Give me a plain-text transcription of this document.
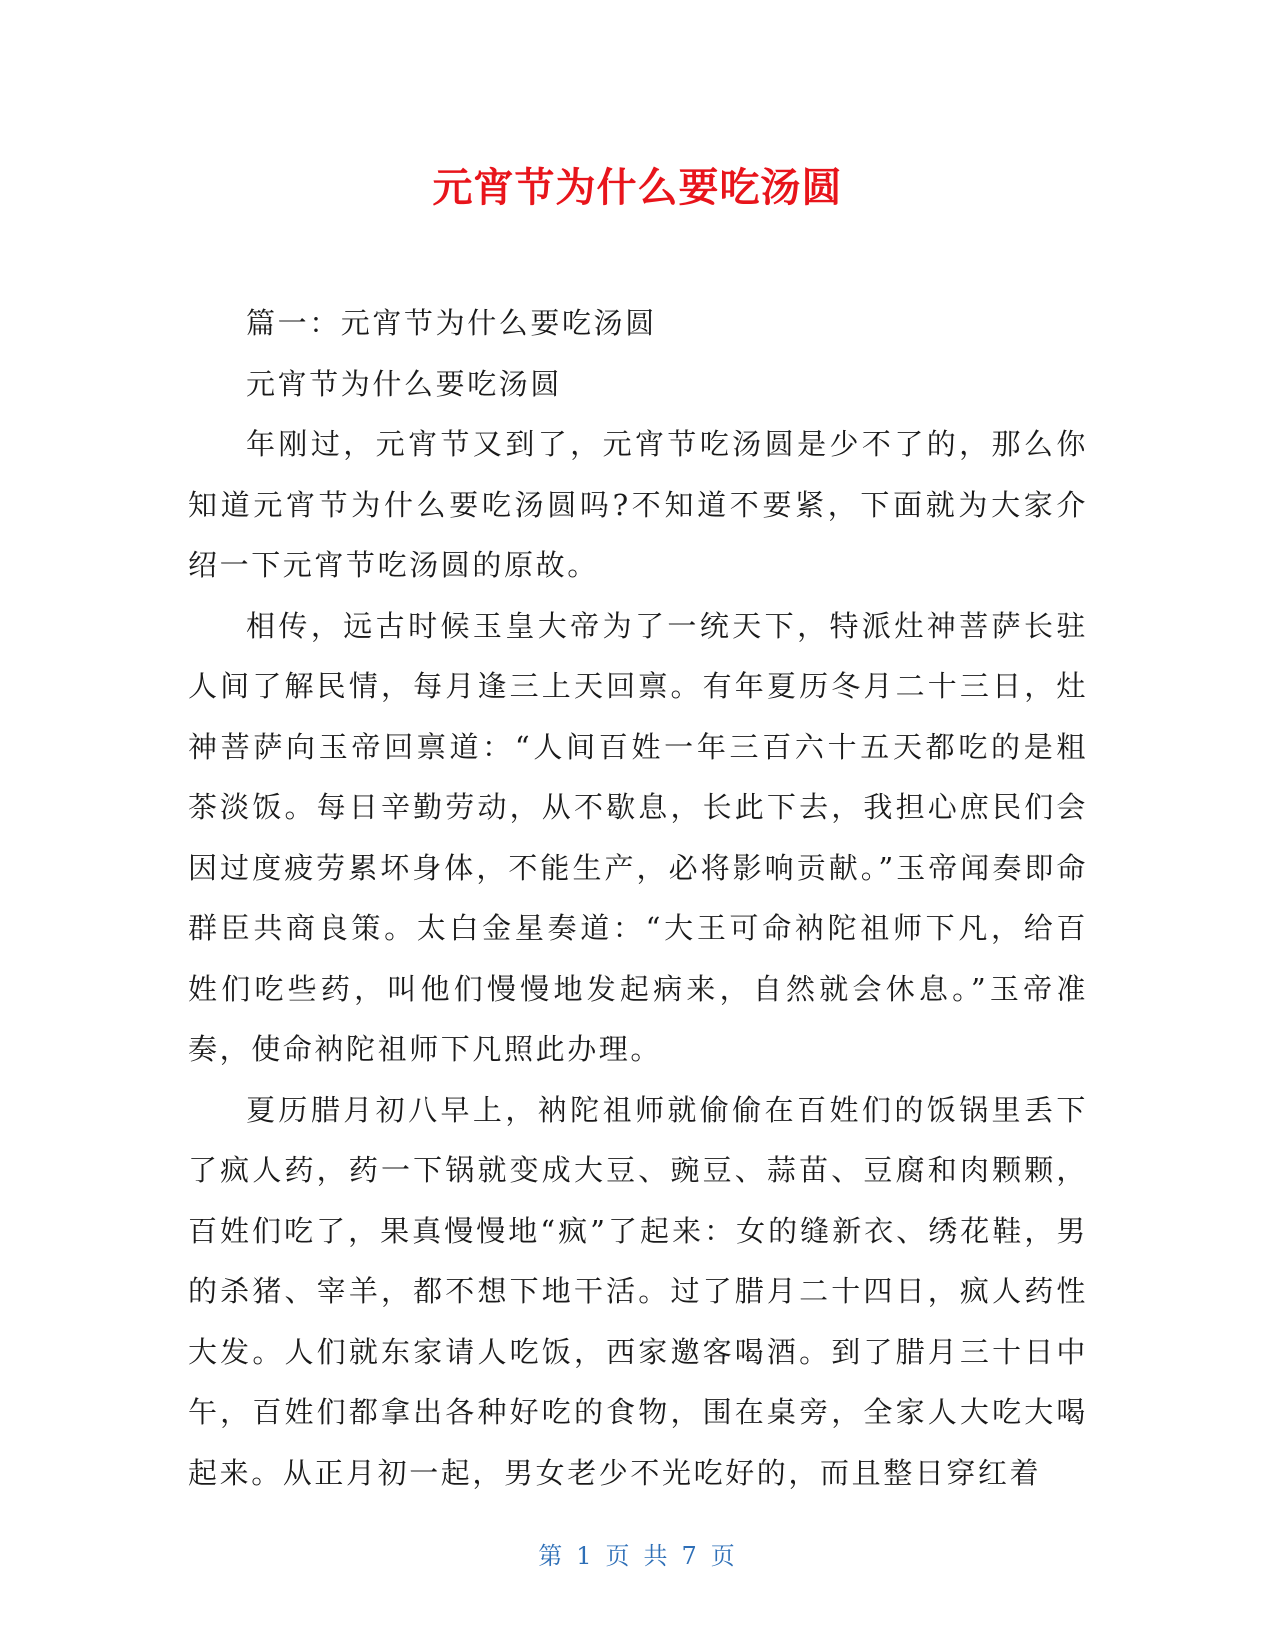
元宵节为什么要吃汤圆

篇一：元宵节为什么要吃汤圆

元宵节为什么要吃汤圆

年刚过，元宵节又到了，元宵节吃汤圆是少不了的，那么你知道元宵节为什么要吃汤圆吗?不知道不要紧，下面就为大家介绍一下元宵节吃汤圆的原故。

相传，远古时候玉皇大帝为了一统天下，特派灶神菩萨长驻人间了解民情，每月逢三上天回禀。有年夏历冬月二十三日，灶神菩萨向玉帝回禀道：“人间百姓一年三百六十五天都吃的是粗茶淡饭。每日辛勤劳动，从不歇息，长此下去，我担心庶民们会因过度疲劳累坏身体，不能生产，必将影响贡献。”玉帝闻奏即命群臣共商良策。太白金星奏道：“大王可命衲陀祖师下凡，给百姓们吃些药，叫他们慢慢地发起病来，自然就会休息。”玉帝准奏，使命衲陀祖师下凡照此办理。

夏历腊月初八早上，衲陀祖师就偷偷在百姓们的饭锅里丢下了疯人药，药一下锅就变成大豆、豌豆、蒜苗、豆腐和肉颗颗，百姓们吃了，果真慢慢地“疯”了起来：女的缝新衣、绣花鞋，男的杀猪、宰羊，都不想下地干活。过了腊月二十四日，疯人药性大发。人们就东家请人吃饭，西家邀客喝酒。到了腊月三十日中午，百姓们都拿出各种好吃的食物，围在桌旁，全家人大吃大喝起来。从正月初一起，男女老少不光吃好的，而且整日穿红着

第 1 页 共 7 页
